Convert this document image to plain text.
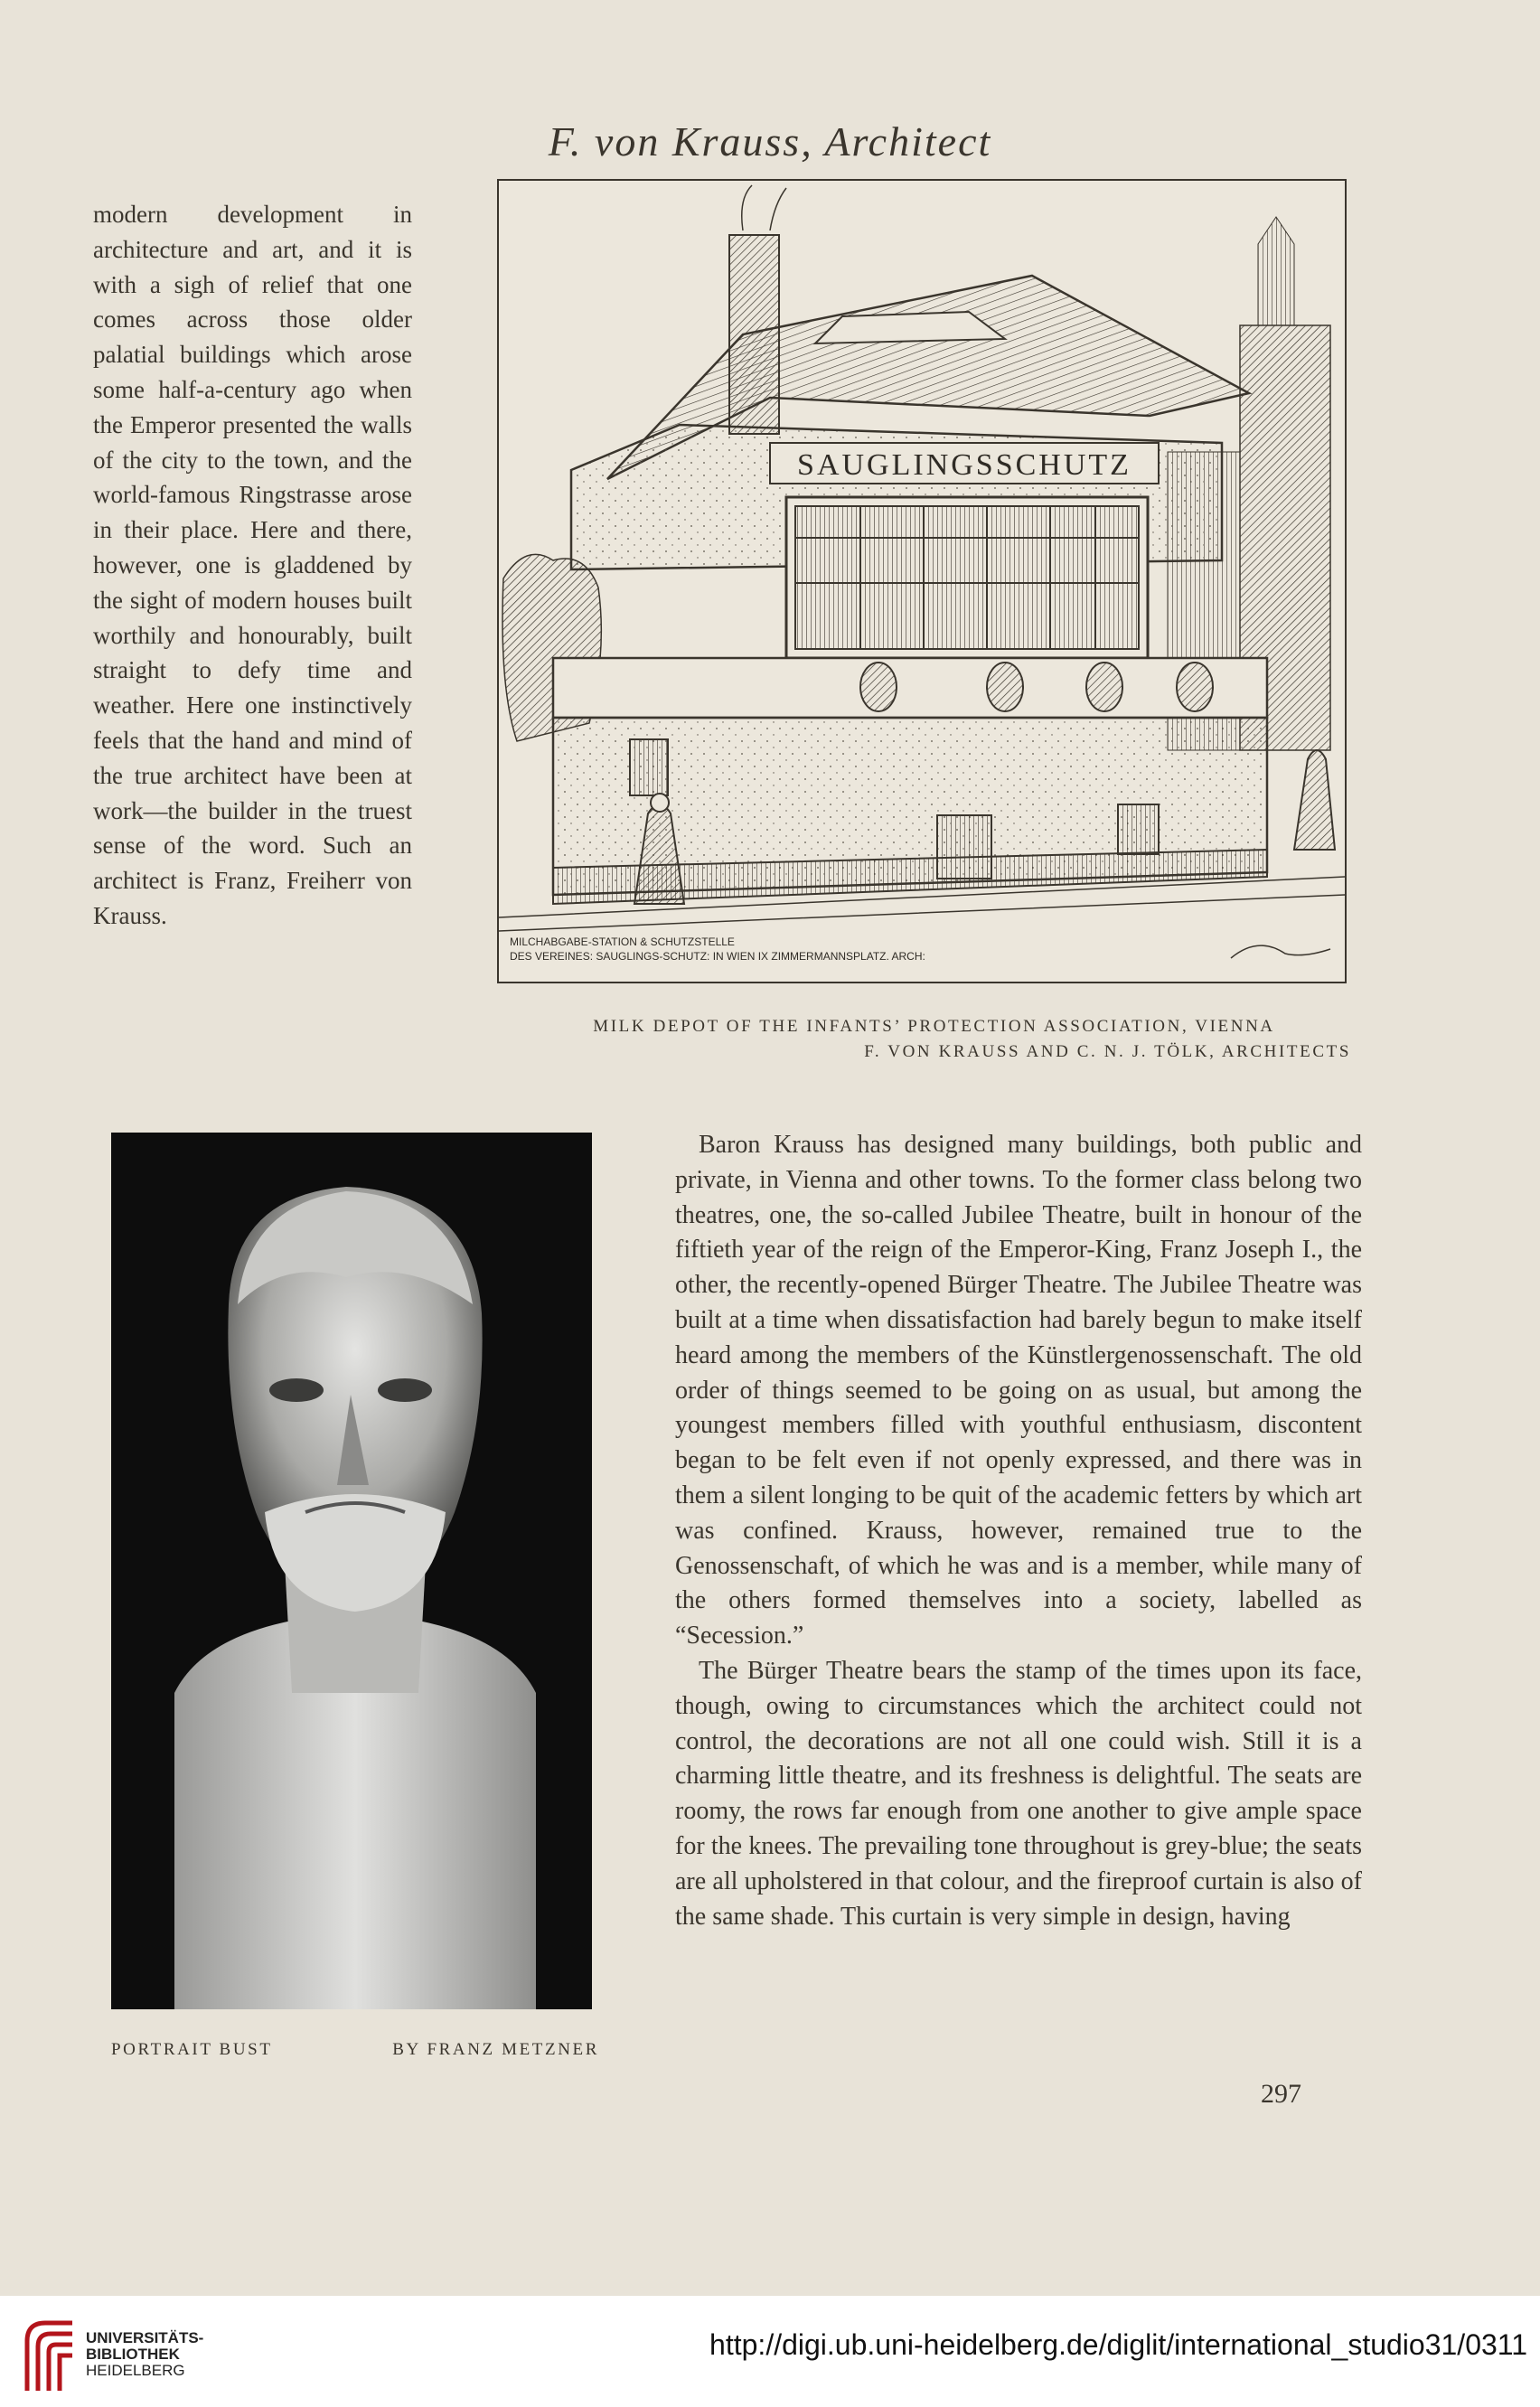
F. von Krauss, Architect

modern development in architecture and art, and it is with a sigh of relief that one comes across those older palatial buildings which arose some half-a-century ago when the Emperor presented the walls of the city to the town, and the world-famous Ringstrasse arose in their place. Here and there, however, one is gladdened by the sight of modern houses built worthily and honourably, built straight to defy time and weather. Here one instinctively feels that the hand and mind of the true architect have been at work—the builder in the truest sense of the word. Such an architect is Franz, Freiherr von Krauss.

SAUGLINGSSCHUTZ
MILCHABGABE-STATION & SCHUTZSTELLE
DES VEREINES: SAUGLINGS-SCHUTZ: IN WIEN IX ZIMMERMANNSPLATZ. ARCH:
MILK DEPOT OF THE INFANTS’ PROTECTION ASSOCIATION, VIENNA
F. VON KRAUSS AND C. N. J. TÖLK, ARCHITECTS
PORTRAIT BUST	BY FRANZ METZNER

Baron Krauss has designed many buildings, both public and private, in Vienna and other towns. To the former class belong two theatres, one, the so-called Jubilee Theatre, built in honour of the fiftieth year of the reign of the Emperor-King, Franz Joseph I., the other, the recently-opened Bürger Theatre. The Jubilee Theatre was built at a time when dissatisfaction had barely begun to make itself heard among the members of the Künstlergenossenschaft. The old order of things seemed to be going on as usual, but among the youngest members filled with youthful enthusiasm, discontent began to be felt even if not openly expressed, and there was in them a silent longing to be quit of the academic fetters by which art was confined. Krauss, however, remained true to the Genossenschaft, of which he was and is a member, while many of the others formed themselves into a society, labelled as “Secession.”

The Bürger Theatre bears the stamp of the times upon its face, though, owing to circumstances which the architect could not control, the decorations are not all one could wish. Still it is a charming little theatre, and its freshness is delightful. The seats are roomy, the rows far enough from one another to give ample space for the knees. The prevailing tone throughout is grey-blue; the seats are all upholstered in that colour, and the fireproof curtain is also of the same shade. This curtain is very simple in design, having

297
UNIVERSITÄTS-
BIBLIOTHEK
HEIDELBERG
http://digi.ub.uni-heidelberg.de/diglit/international_studio31/0311
